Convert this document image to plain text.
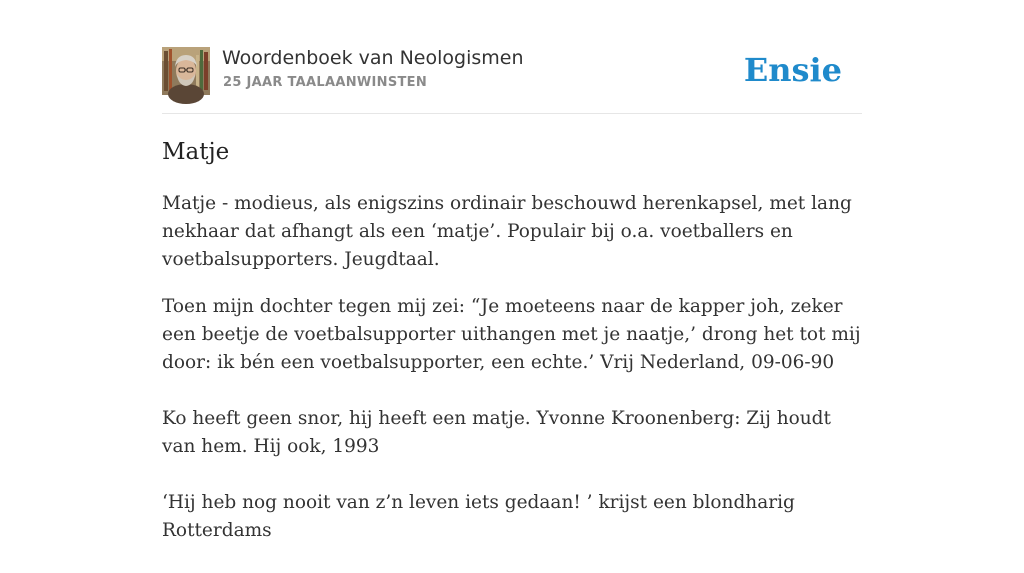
Woordenboek van Neologismen
25 JAAR TAALAANWINSTEN	Ensie
Matje

Matje - modieus, als enigszins ordinair beschouwd herenkapsel, met lang nekhaar dat afhangt als een ‘matje’. Populair bij o.a. voetballers en voetbalsupporters. Jeugdtaal.

Toen mijn dochter tegen mij zei: “Je moeteens naar de kapper joh, zeker een beetje de voetbalsupporter uithangen met je naatje,’ drong het tot mij door: ik bén een voetbalsupporter, een echte.’ Vrij Nederland, 09-06-90

Ko heeft geen snor, hij heeft een matje. Yvonne Kroonenberg: Zij houdt van hem. Hij ook, 1993

‘Hij heb nog nooit van z’n leven iets gedaan! ’ krijst een blondharig Rotterdams
